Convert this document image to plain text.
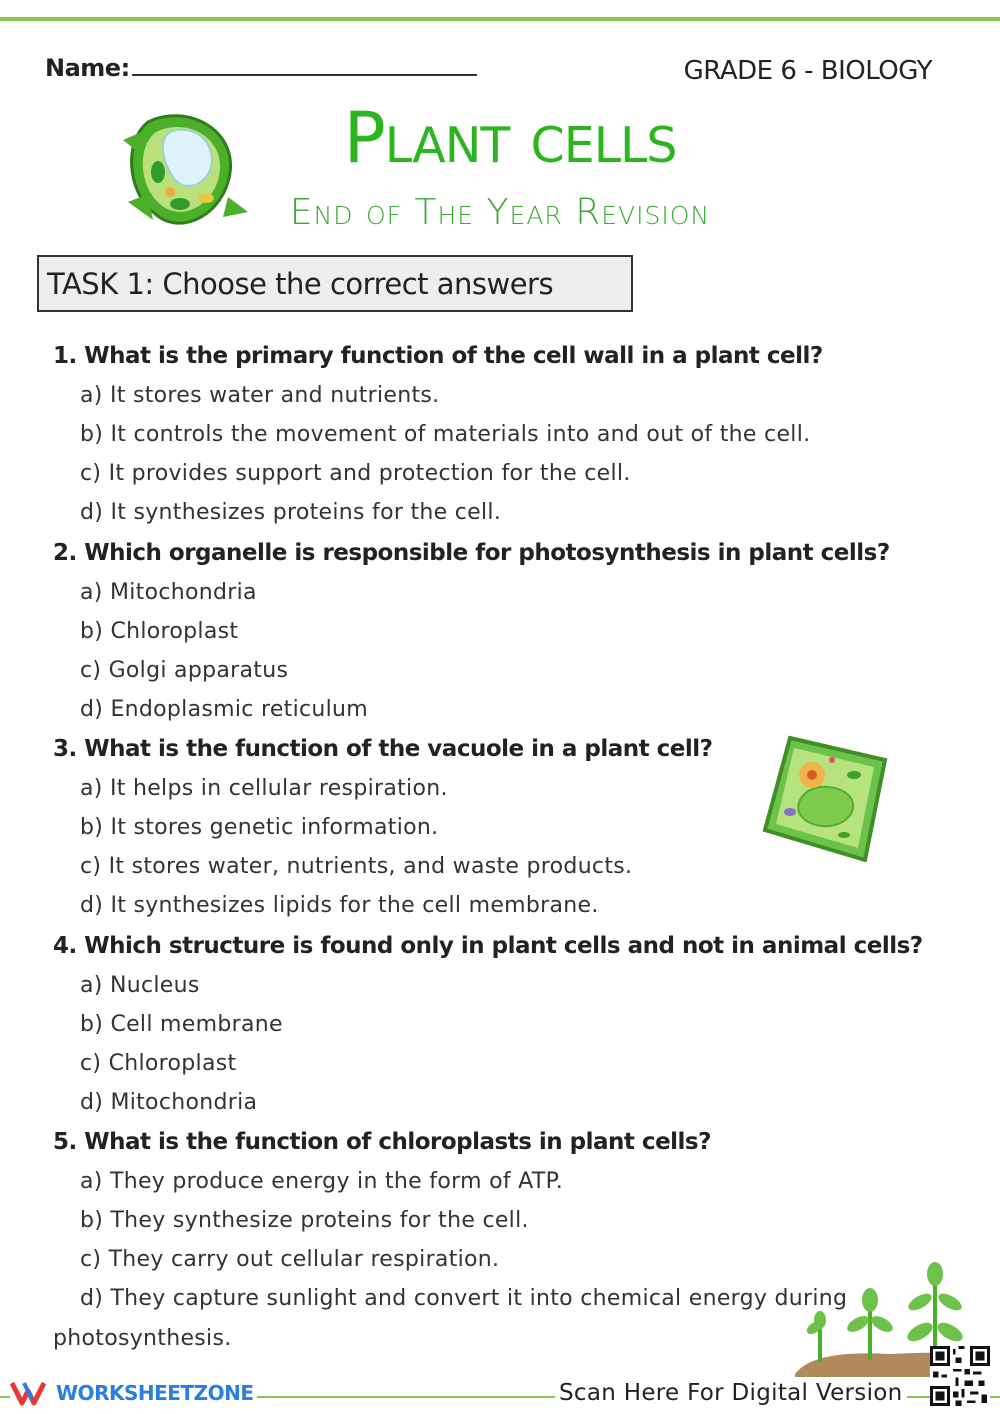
Name:	GRADE 6 - BIOLOGY
Plant cells
End of The Year Revision
TASK 1: Choose the correct answers
1. What is the primary function of the cell wall in a plant cell?
a) It stores water and nutrients.
b) It controls the movement of materials into and out of the cell.
c) It provides support and protection for the cell.
d) It synthesizes proteins for the cell.
2. Which organelle is responsible for photosynthesis in plant cells?
a) Mitochondria
b) Chloroplast
c) Golgi apparatus
d) Endoplasmic reticulum
3. What is the function of the vacuole in a plant cell?
a) It helps in cellular respiration.
b) It stores genetic information.
c) It stores water, nutrients, and waste products.
d) It synthesizes lipids for the cell membrane.
4. Which structure is found only in plant cells and not in animal cells?
a) Nucleus
b) Cell membrane
c) Chloroplast
d) Mitochondria
5. What is the function of chloroplasts in plant cells?
a) They produce energy in the form of ATP.
b) They synthesize proteins for the cell.
c) They carry out cellular respiration.
d) They capture sunlight and convert it into chemical energy during
photosynthesis.
WORKSHEETZONE	Scan Here For Digital Version
